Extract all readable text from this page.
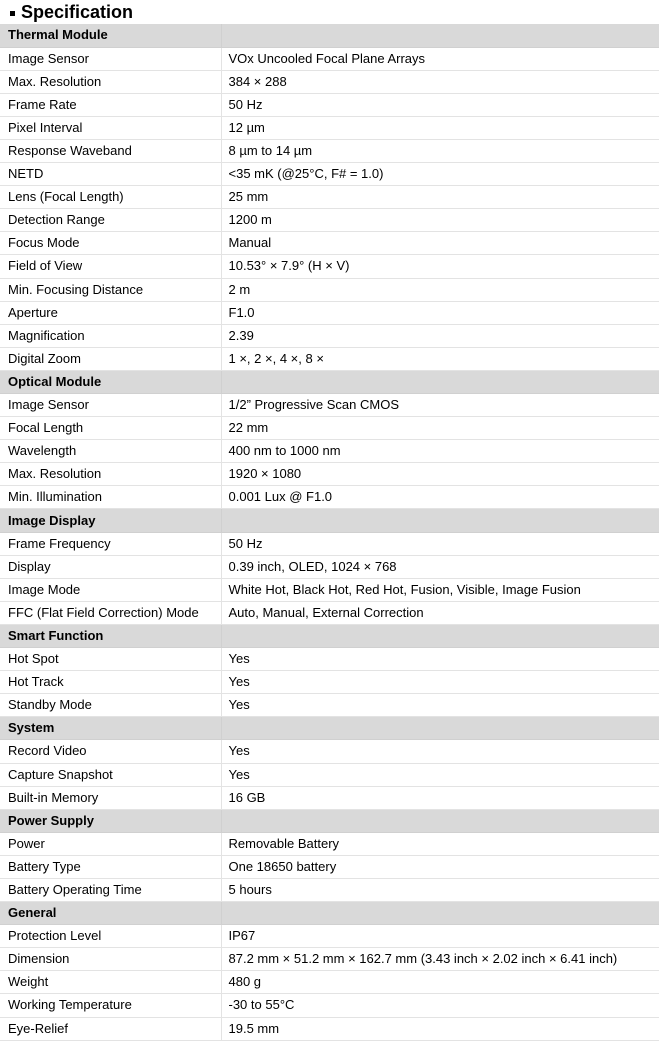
Specification
Thermal Module	
Image Sensor	VOx Uncooled Focal Plane Arrays
Max. Resolution	384 × 288
Frame Rate	50 Hz
Pixel Interval	12 µm
Response Waveband	8 µm to 14 µm
NETD	<35 mK (@25°C, F# = 1.0)
Lens (Focal Length)	25 mm
Detection Range	1200 m
Focus Mode	Manual
Field of View	10.53° × 7.9° (H × V)
Min. Focusing Distance	2 m
Aperture	F1.0
Magnification	2.39
Digital Zoom	1 ×, 2 ×, 4 ×, 8 ×
Optical Module	
Image Sensor	1/2” Progressive Scan CMOS
Focal Length	22 mm
Wavelength	400 nm to 1000 nm
Max. Resolution	1920 × 1080
Min. Illumination	0.001 Lux @ F1.0
Image Display	
Frame Frequency	50 Hz
Display	0.39 inch, OLED, 1024 × 768
Image Mode	White Hot, Black Hot, Red Hot, Fusion, Visible, Image Fusion
FFC (Flat Field Correction) Mode	Auto, Manual, External Correction
Smart Function	
Hot Spot	Yes
Hot Track	Yes
Standby Mode	Yes
System	
Record Video	Yes
Capture Snapshot	Yes
Built-in Memory	16 GB
Power Supply	
Power	Removable Battery
Battery Type	One 18650 battery
Battery Operating Time	5 hours
General	
Protection Level	IP67
Dimension	87.2 mm × 51.2 mm × 162.7 mm (3.43 inch × 2.02 inch × 6.41 inch)
Weight	480 g
Working Temperature	-30 to 55°C
Eye-Relief	19.5 mm
